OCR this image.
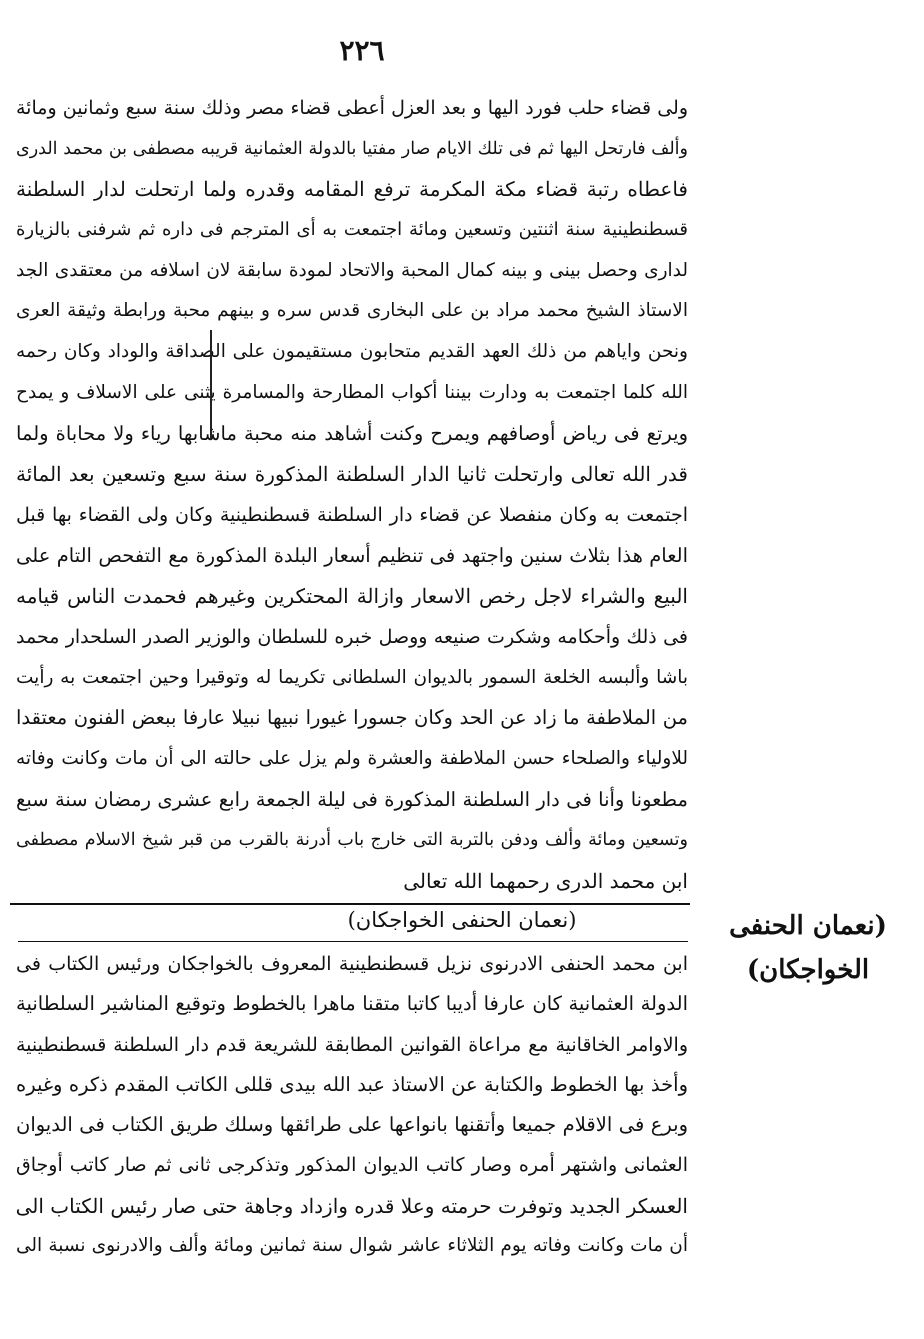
٢٢٦
ولى قضاء حلب فورد اليها و بعد العزل أعطى قضاء مصر وذلك سنة سبع وثمانين ومائة
وألف فارتحل اليها ثم فى تلك الايام صار مفتيا بالدولة العثمانية قريبه مصطفى بن محمد الدرى
فاعطاه رتبة قضاء مكة المكرمة ترفع المقامه وقدره ولما ارتحلت لدار السلطنة
قسطنطينية سنة اثنتين وتسعين ومائة اجتمعت به أى المترجم فى داره ثم شرفنى بالزيارة
لدارى وحصل بينى و بينه كمال المحبة والاتحاد لمودة سابقة لان اسلافه من معتقدى الجد
الاستاذ الشيخ محمد مراد بن على البخارى قدس سره و بينهم محبة ورابطة وثيقة العرى
ونحن واياهم من ذلك العهد القديم متحابون مستقيمون على الصداقة والوداد وكان رحمه
الله كلما اجتمعت به ودارت بيننا أكواب المطارحة والمسامرة يثنى على الاسلاف و يمدح
ويرتع فى رياض أوصافهم ويمرح وكنت أشاهد منه محبة ماشابها رياء ولا محاباة ولما
قدر الله تعالى وارتحلت ثانيا الدار السلطنة المذكورة سنة سبع وتسعين بعد المائة
اجتمعت به وكان منفصلا عن قضاء دار السلطنة قسطنطينية وكان ولى القضاء بها قبل
العام هذا بثلاث سنين واجتهد فى تنظيم أسعار البلدة المذكورة مع التفحص التام على
البيع والشراء لاجل رخص الاسعار وازالة المحتكرين وغيرهم فحمدت الناس قيامه
فى ذلك وأحكامه وشكرت صنيعه ووصل خبره للسلطان والوزير الصدر السلحدار محمد
باشا وألبسه الخلعة السمور بالديوان السلطانى تكريما له وتوقيرا وحين اجتمعت به رأيت
من الملاطفة ما زاد عن الحد وكان جسورا غيورا نبيها نبيلا عارفا ببعض الفنون معتقدا
للاولياء والصلحاء حسن الملاطفة والعشرة ولم يزل على حالته الى أن مات وكانت وفاته
مطعونا وأنا فى دار السلطنة المذكورة فى ليلة الجمعة رابع عشرى رمضان سنة سبع
وتسعين ومائة وألف ودفن بالتربة التى خارج باب أدرنة بالقرب من قبر شيخ الاسلام مصطفى
ابن محمد الدرى رحمهما الله تعالى
(نعمان الحنفى الخواجكان)	(نعمان الحنفى الخواجكان)
ابن محمد الحنفى الادرنوى نزيل قسطنطينية المعروف بالخواجكان ورئيس الكتاب فى
الدولة العثمانية كان عارفا أديبا كاتبا متقنا ماهرا بالخطوط وتوقيع المناشير السلطانية
والاوامر الخاقانية مع مراعاة القوانين المطابقة للشريعة قدم دار السلطنة قسطنطينية
وأخذ بها الخطوط والكتابة عن الاستاذ عبد الله بيدى قللى الكاتب المقدم ذكره وغيره
وبرع فى الاقلام جميعا وأتقنها بانواعها على طرائقها وسلك طريق الكتاب فى الديوان
العثمانى واشتهر أمره وصار كاتب الديوان المذكور وتذكرجى ثانى ثم صار كاتب أوجاق
العسكر الجديد وتوفرت حرمته وعلا قدره وازداد وجاهة حتى صار رئيس الكتاب الى
أن مات وكانت وفاته يوم الثلاثاء عاشر شوال سنة ثمانين ومائة وألف والادرنوى نسبة الى
